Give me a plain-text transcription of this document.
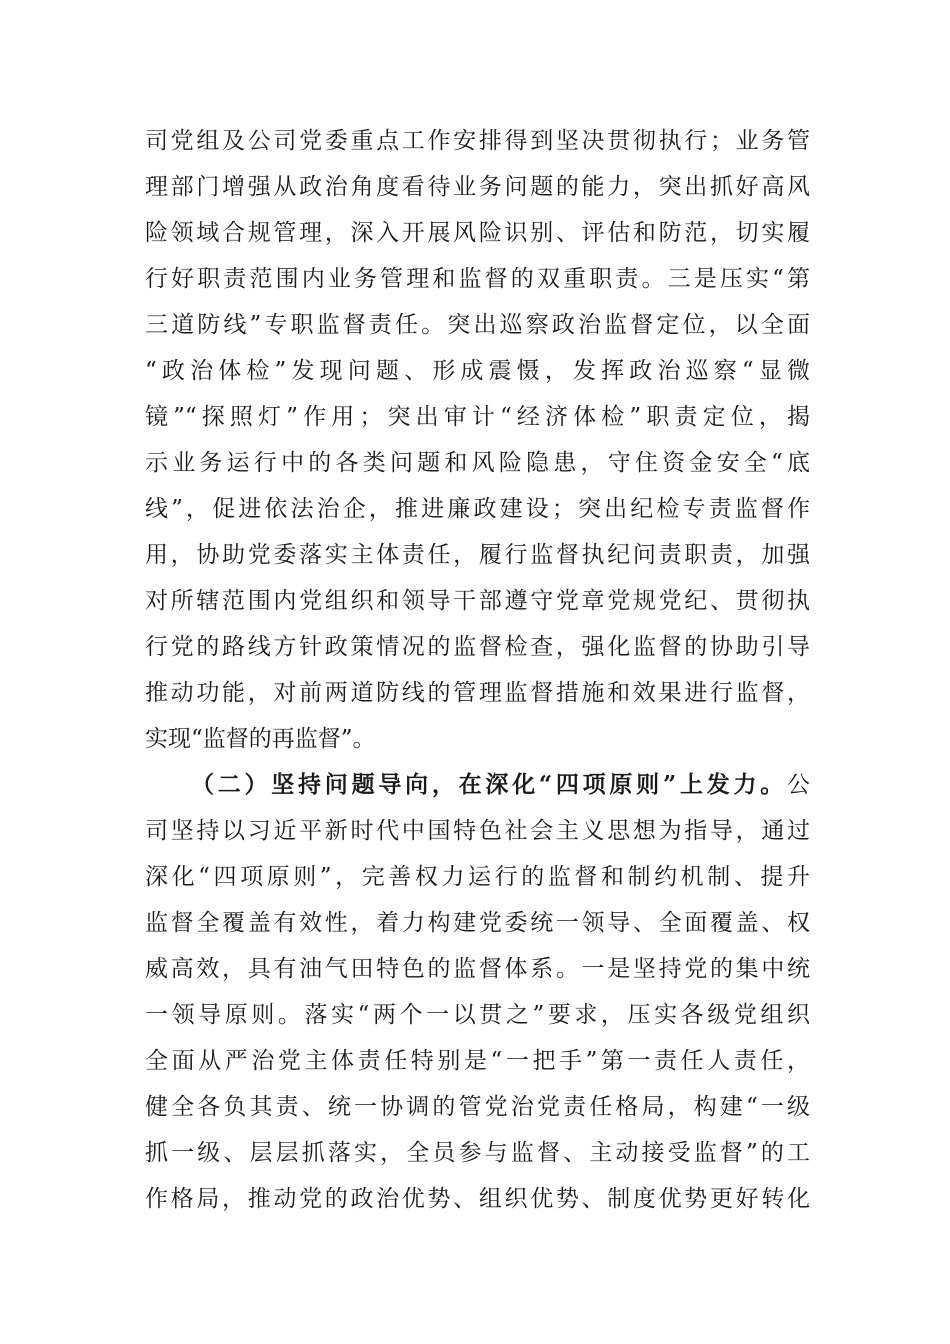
司党组及公司党委重点工作安排得到坚决贯彻执行；业务管
理部门增强从政治角度看待业务问题的能力，突出抓好高风
险领域合规管理，深入开展风险识别、评估和防范，切实履
行好职责范围内业务管理和监督的双重职责。三是压实“第
三道防线”专职监督责任。突出巡察政治监督定位，以全面
“政治体检”发现问题、形成震慑，发挥政治巡察“显微
镜”“探照灯”作用；突出审计“经济体检”职责定位，揭
示业务运行中的各类问题和风险隐患，守住资金安全“底
线”，促进依法治企，推进廉政建设；突出纪检专责监督作
用，协助党委落实主体责任，履行监督执纪问责职责，加强
对所辖范围内党组织和领导干部遵守党章党规党纪、贯彻执
行党的路线方针政策情况的监督检查，强化监督的协助引导
推动功能，对前两道防线的管理监督措施和效果进行监督，
实现“监督的再监督”。
（二）坚持问题导向，在深化“四项原则”上发力。公
司坚持以习近平新时代中国特色社会主义思想为指导，通过
深化“四项原则”，完善权力运行的监督和制约机制、提升
监督全覆盖有效性，着力构建党委统一领导、全面覆盖、权
威高效，具有油气田特色的监督体系。一是坚持党的集中统
一领导原则。落实“两个一以贯之”要求，压实各级党组织
全面从严治党主体责任特别是“一把手”第一责任人责任，
健全各负其责、统一协调的管党治党责任格局，构建“一级
抓一级、层层抓落实，全员参与监督、主动接受监督”的工
作格局，推动党的政治优势、组织优势、制度优势更好转化
